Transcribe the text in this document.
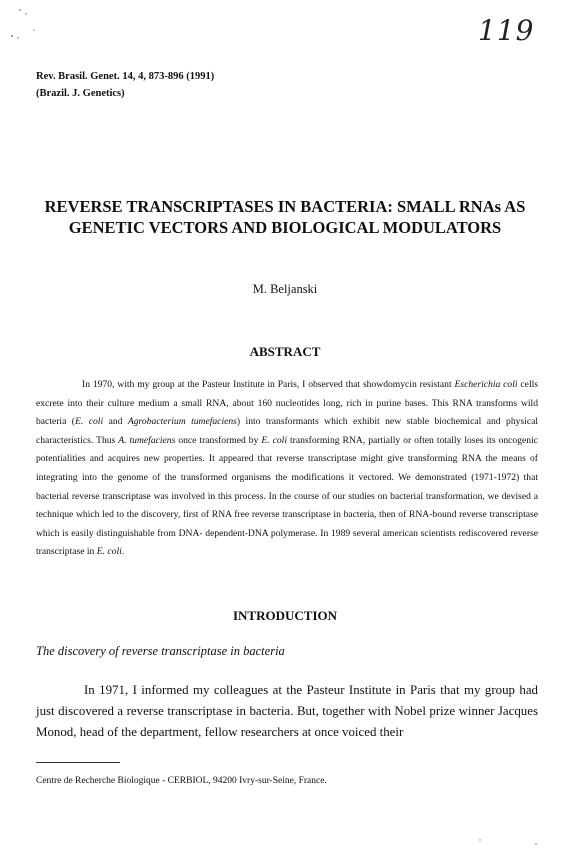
119
Rev. Brasil. Genet. 14, 4, 873-896 (1991)
(Brazil. J. Genetics)
REVERSE TRANSCRIPTASES IN BACTERIA: SMALL RNAs AS
GENETIC VECTORS AND BIOLOGICAL MODULATORS
M. Beljanski
ABSTRACT

In 1970, with my group at the Pasteur Institute in Paris, I observed that showdomycin resistant Escherichia coli cells excrete into their culture medium a small RNA, about 160 nucleotides long, rich in purine bases. This RNA transforms wild bacteria (E. coli and Agrobacterium tumefaciens) into transformants which exhibit new stable biochemical and physical characteristics. Thus A. tumefaciens once transformed by E. coli transforming RNA, partially or often totally loses its oncogenic potentialities and acquires new properties. It appeared that reverse transcriptase might give transforming RNA the means of integrating into the genome of the transformed organisms the modifications it vectored. We demonstrated (1971-1972) that bacterial reverse transcriptase was involved in this process. In the course of our studies on bacterial transformation, we devised a technique which led to the discovery, first of RNA free reverse transcriptase in bacteria, then of RNA-bound reverse transcriptase which is easily distinguishable from DNA- dependent-DNA polymerase. In 1989 several american scientists rediscovered reverse transcriptase in E. coli.

INTRODUCTION
The discovery of reverse transcriptase in bacteria

In 1971, I informed my colleagues at the Pasteur Institute in Paris that my group had just discovered a reverse transcriptase in bacteria. But, together with Nobel prize winner Jacques Monod, head of the department, fellow researchers at once voiced their

Centre de Recherche Biologique - CERBIOL, 94200 Ivry-sur-Seine, France.
